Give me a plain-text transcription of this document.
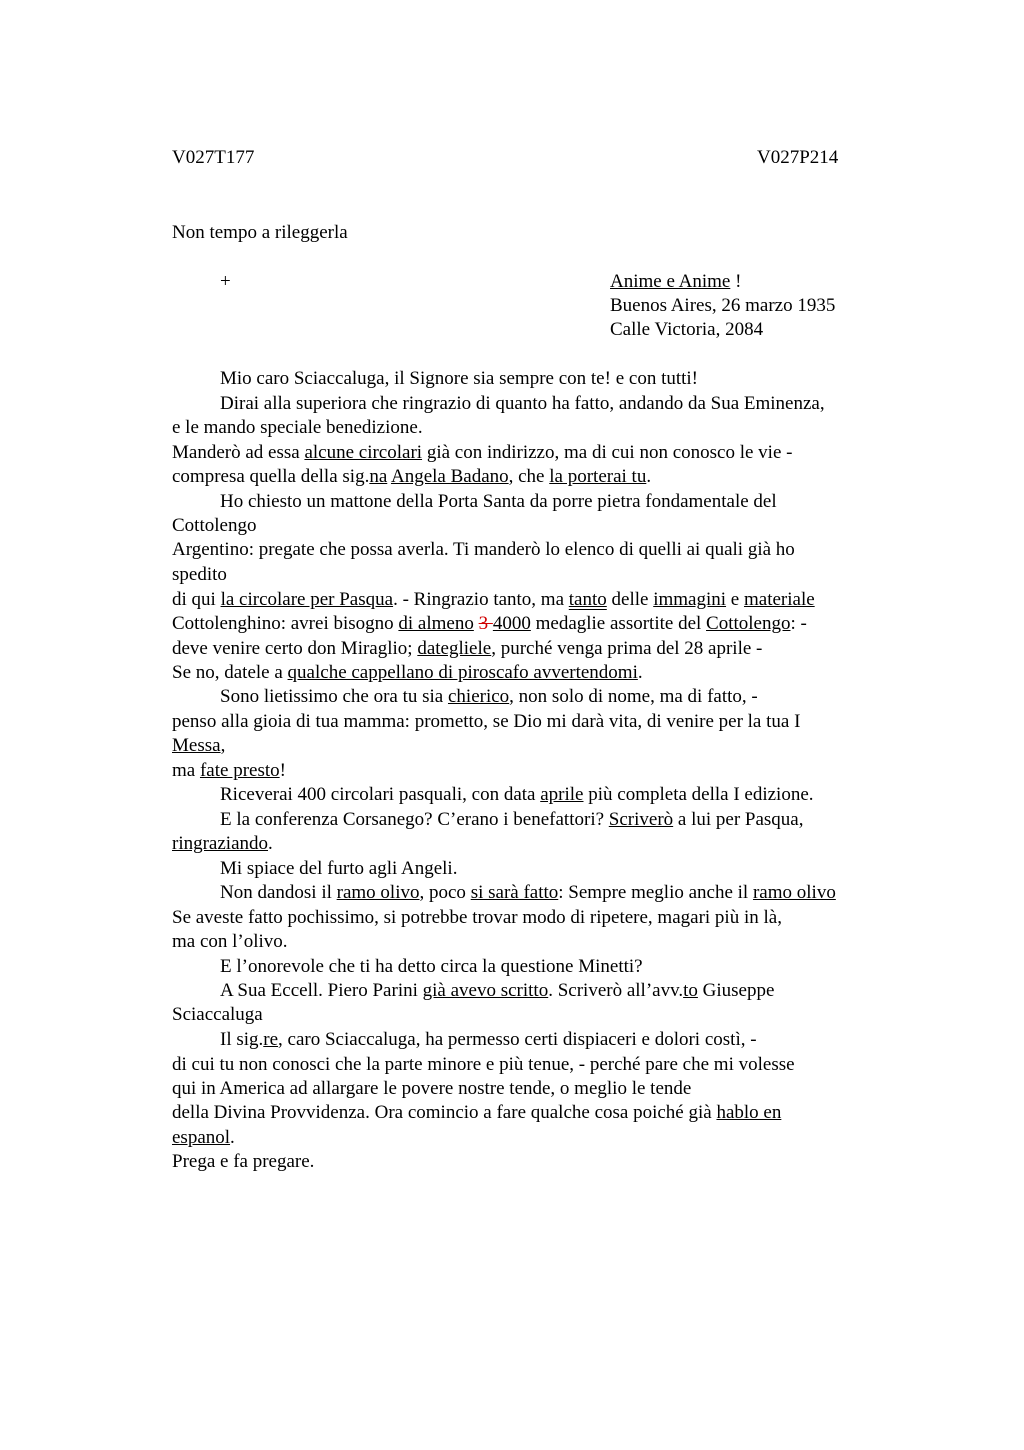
V027T177	V027P214
Non tempo a rileggerla
+	Anime e Anime !
Buenos Aires, 26 marzo 1935
Calle Victoria, 2084
Mio caro Sciaccaluga, il Signore sia sempre con te! e con tutti!
Dirai alla superiora che ringrazio di quanto ha fatto, andando da Sua Eminenza,
e le mando speciale benedizione.
Manderò ad essa alcune circolari già con indirizzo, ma di cui non conosco le vie -
compresa quella della sig.na Angela Badano, che la porterai tu.
Ho chiesto un mattone della Porta Santa da porre pietra fondamentale del
Cottolengo
Argentino: pregate che possa averla. Ti manderò lo elenco di quelli ai quali già ho
spedito
di qui la circolare per Pasqua. - Ringrazio tanto, ma tanto delle immagini e materiale
Cottolenghino: avrei bisogno di almeno 3 4000 medaglie assortite del Cottolengo: -
deve venire certo don Miraglio; dategliele, purché venga prima del 28 aprile -
Se no, datele a qualche cappellano di piroscafo avvertendomi.
Sono lietissimo che ora tu sia chierico, non solo di nome, ma di fatto, -
penso alla gioia di tua mamma: prometto, se Dio mi darà vita, di venire per la tua I
Messa,
ma fate presto!
Riceverai 400 circolari pasquali, con data aprile più completa della I edizione.
E la conferenza Corsanego? C’erano i benefattori? Scriverò a lui per Pasqua,
ringraziando.
Mi spiace del furto agli Angeli.
Non dandosi il ramo olivo, poco si sarà fatto: Sempre meglio anche il ramo olivo
Se aveste fatto pochissimo, si potrebbe trovar modo di ripetere, magari più in là,
ma con l’olivo.
E l’onorevole che ti ha detto circa la questione Minetti?
A Sua Eccell. Piero Parini già avevo scritto. Scriverò all’avv.to Giuseppe
Sciaccaluga
Il sig.re, caro Sciaccaluga, ha permesso certi dispiaceri e dolori costì, -
di cui tu non conosci che la parte minore e più tenue, - perché pare che mi volesse
qui in America ad allargare le povere nostre tende, o meglio le tende
della Divina Provvidenza. Ora comincio a fare qualche cosa poiché già hablo en
espanol.
Prega e fa pregare.
